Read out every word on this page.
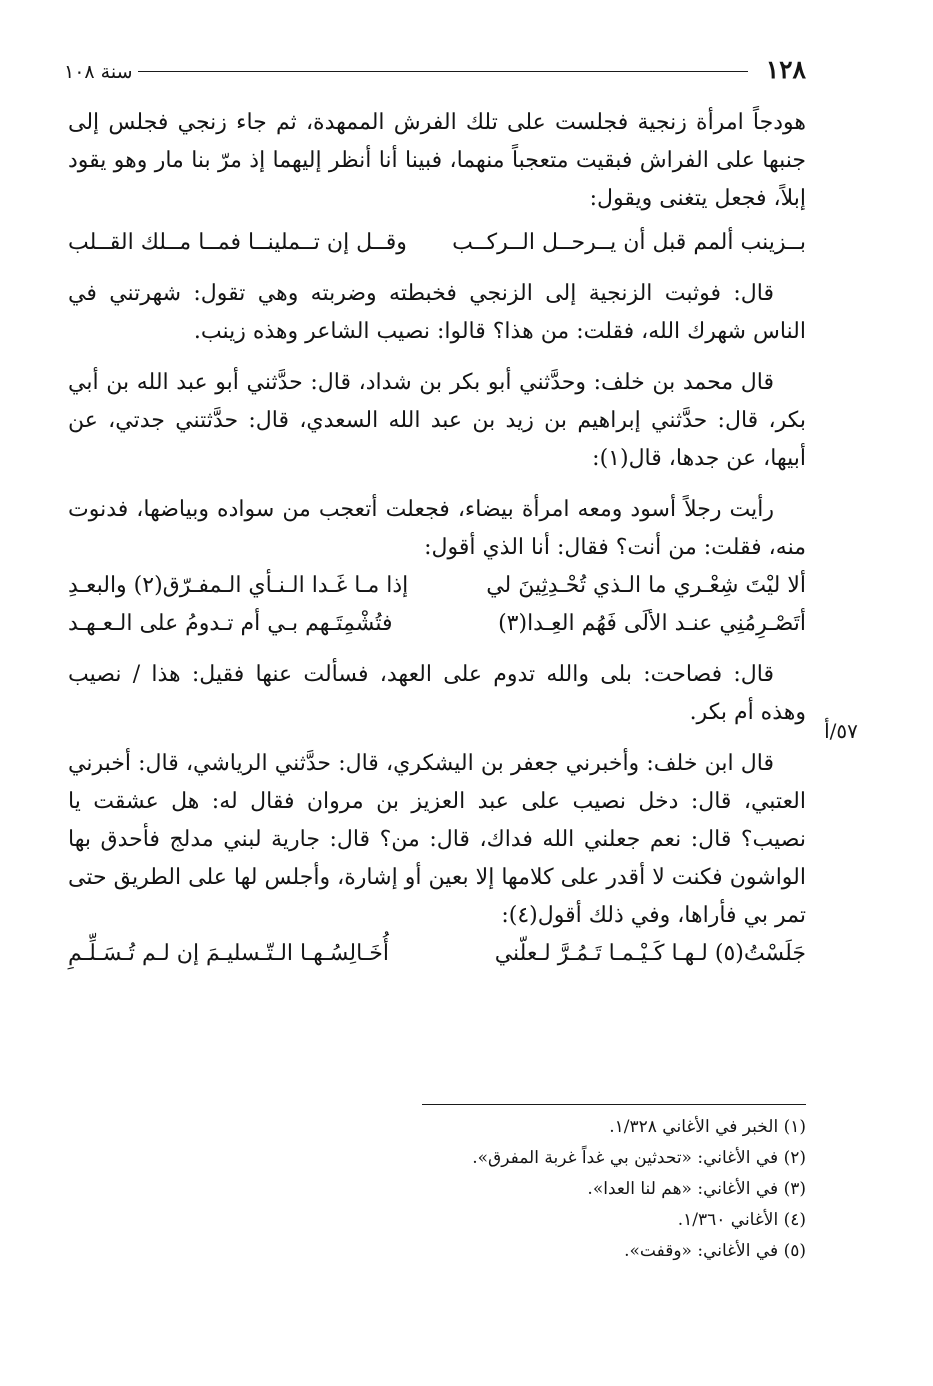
١٢٨
سنة ١٠٨
٥٧/أ

هودجاً امرأة زنجية فجلست على تلك الفرش الممهدة، ثم جاء زنجي فجلس إلى جنبها على الفراش فبقيت متعجباً منهما، فبينا أنا أنظر إليهما إذ مرّ بنا مار وهو يقود إبلاً، فجعل يتغنى ويقول:

بــزينب ألمم قبل أن يــرحــل الــركــب
وقــل إن تــملينــا فمــا مــلك القــلب

قال: فوثبت الزنجية إلى الزنجي فخبطته وضربته وهي تقول: شهرتني في الناس شهرك الله، فقلت: من هذا؟ قالوا: نصيب الشاعر وهذه زينب.

قال محمد بن خلف: وحدَّثني أبو بكر بن شداد، قال: حدَّثني أبو عبد الله بن أبي بكر، قال: حدَّثني إبراهيم بن زيد بن عبد الله السعدي، قال: حدَّثتني جدتي، عن أبيها، عن جدها، قال(١):

رأيت رجلاً أسود ومعه امرأة بيضاء، فجعلت أتعجب من سواده وبياضها، فدنوت منه، فقلت: من أنت؟ فقال: أنا الذي أقول:

ألا ليْتَ شِعْـري ما الـذي تُحْـدِثِينَ لي
إذا مـا غَـدا الـنـأي الـمفـرّق(٢) والبعـدِ
أتَصْـرِمُنِي عنـد الألَى فَهُم العِـدا(٣)
فتُشْمِتَـهم بـي أم تـدومُ على الـعـهـد

قال: فصاحت: بلى والله تدوم على العهد، فسألت عنها فقيل: هذا / نصيب وهذه أم بكر.

قال ابن خلف: وأخبرني جعفر بن اليشكري، قال: حدَّثني الرياشي، قال: أخبرني العتبي، قال: دخل نصيب على عبد العزيز بن مروان فقال له: هل عشقت يا نصيب؟ قال: نعم جعلني الله فداك، قال: من؟ قال: جارية لبني مدلج فأحدق بها الواشون فكنت لا أقدر على كلامها إلا بعين أو إشارة، وأجلس لها على الطريق حتى تمر بي فأراها، وفي ذلك أقول(٤):

جَلَسْتُ(٥) لـهـا كَـيْـمـا تَـمُـرَّ لـعلّني
أُخَـالِسُـهـا الـتّـسليـمَ إن لـم تُـسَـلِّـمِ

(١) الخبر في الأغاني ١/٣٢٨.

(٢) في الأغاني: «تحدثين بي غداً غربة المفرق».

(٣) في الأغاني: «هم لنا العدا».

(٤) الأغاني ١/٣٦٠.

(٥) في الأغاني: «وقفت».
